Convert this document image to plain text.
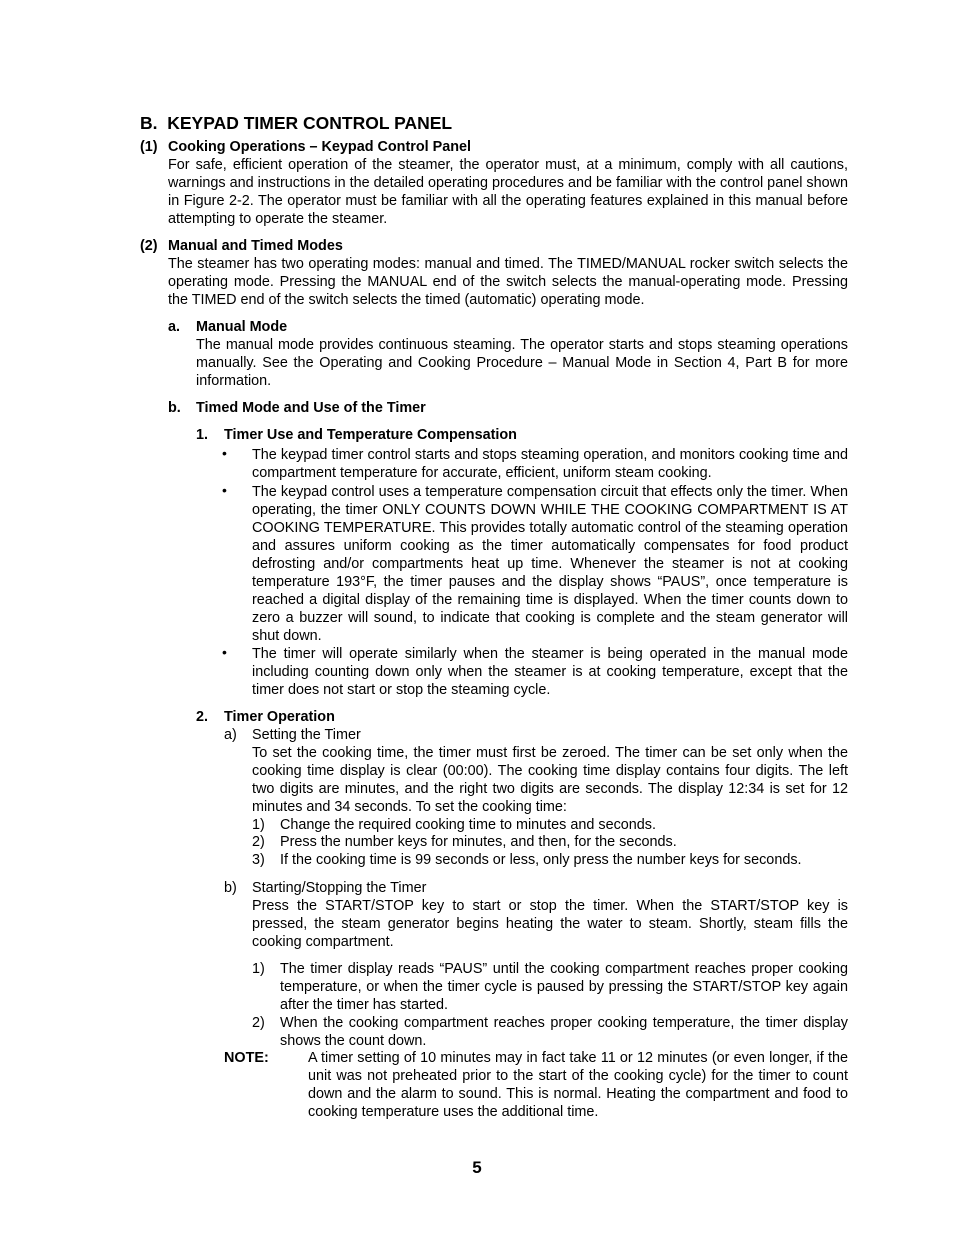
B. KEYPAD TIMER CONTROL PANEL
(1) Cooking Operations – Keypad Control Panel
For safe, efficient operation of the steamer, the operator must, at a minimum, comply with all cautions, warnings and instructions in the detailed operating procedures and be familiar with the control panel shown in Figure 2-2. The operator must be familiar with all the operating features explained in this manual before attempting to operate the steamer.
(2) Manual and Timed Modes
The steamer has two operating modes: manual and timed. The TIMED/MANUAL rocker switch selects the operating mode. Pressing the MANUAL end of the switch selects the manual-operating mode. Pressing the TIMED end of the switch selects the timed (automatic) operating mode.
a. Manual Mode
The manual mode provides continuous steaming. The operator starts and stops steaming operations manually. See the Operating and Cooking Procedure – Manual Mode in Section 4, Part B for more information.
b. Timed Mode and Use of the Timer
1. Timer Use and Temperature Compensation
• The keypad timer control starts and stops steaming operation, and monitors cooking time and compartment temperature for accurate, efficient, uniform steam cooking.
• The keypad control uses a temperature compensation circuit that effects only the timer. When operating, the timer ONLY COUNTS DOWN WHILE THE COOKING COMPARTMENT IS AT COOKING TEMPERATURE. This provides totally automatic control of the steaming operation and assures uniform cooking as the timer automatically compensates for food product defrosting and/or compartments heat up time. Whenever the steamer is not at cooking temperature 193°F, the timer pauses and the display shows “PAUS”, once temperature is reached a digital display of the remaining time is displayed. When the timer counts down to zero a buzzer will sound, to indicate that cooking is complete and the steam generator will shut down.
• The timer will operate similarly when the steamer is being operated in the manual mode including counting down only when the steamer is at cooking temperature, except that the timer does not start or stop the steaming cycle.
2. Timer Operation
a) Setting the Timer
To set the cooking time, the timer must first be zeroed. The timer can be set only when the cooking time display is clear (00:00). The cooking time display contains four digits. The left two digits are minutes, and the right two digits are seconds. The display 12:34 is set for 12 minutes and 34 seconds. To set the cooking time:
1) Change the required cooking time to minutes and seconds.
2) Press the number keys for minutes, and then, for the seconds.
3) If the cooking time is 99 seconds or less, only press the number keys for seconds.
b) Starting/Stopping the Timer
Press the START/STOP key to start or stop the timer. When the START/STOP key is pressed, the steam generator begins heating the water to steam. Shortly, steam fills the cooking compartment.
1) The timer display reads “PAUS” until the cooking compartment reaches proper cooking temperature, or when the timer cycle is paused by pressing the START/STOP key again after the timer has started.
2) When the cooking compartment reaches proper cooking temperature, the timer display shows the count down.
NOTE:	A timer setting of 10 minutes may in fact take 11 or 12 minutes (or even longer, if the unit was not preheated prior to the start of the cooking cycle) for the timer to count down and the alarm to sound. This is normal. Heating the compartment and food to cooking temperature uses the additional time.
5
